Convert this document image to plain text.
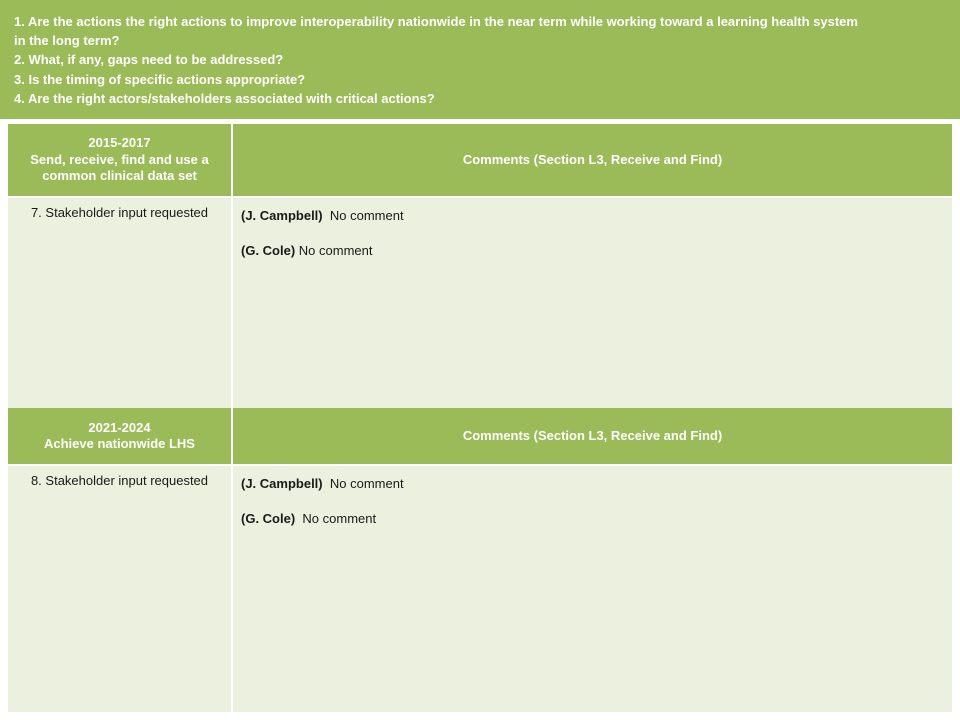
1. Are the actions the right actions to improve interoperability nationwide in the near term while working toward a learning health system in the long term?

2. What, if any, gaps need to be addressed?

3. Is the timing of specific actions appropriate?

4. Are the right actors/stakeholders associated with critical actions?

2015-2017
Send, receive, find and use a
common clinical data set
Comments (Section L3, Receive and Find)
7. Stakeholder input requested	(J. Campbell) No comment

(G. Cole) No comment

2021-2024
Achieve nationwide LHS
Comments (Section L3, Receive and Find)
8. Stakeholder input requested	(J. Campbell) No comment

(G. Cole) No comment
